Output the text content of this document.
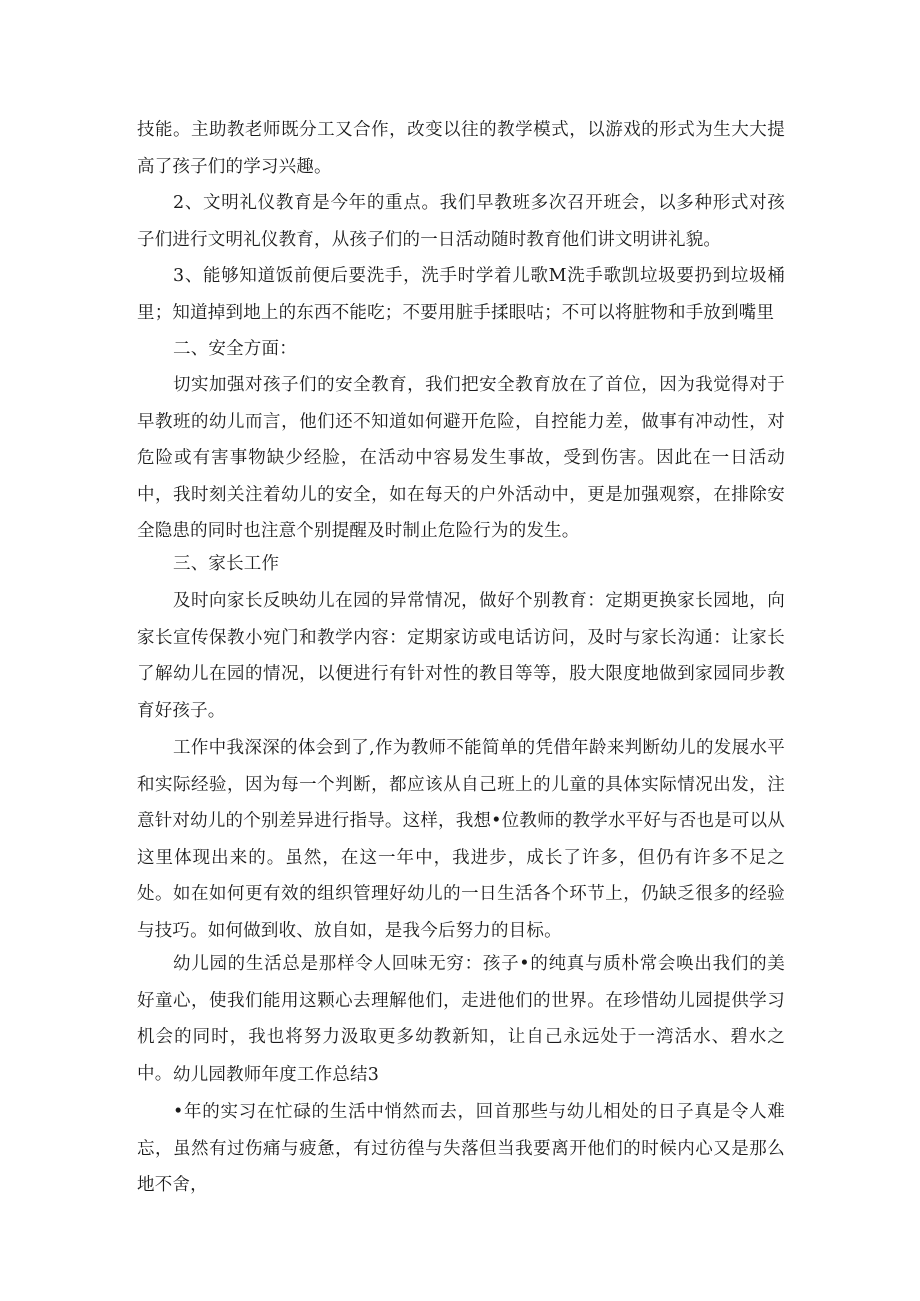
技能。主助教老师既分工又合作，改变以往的教学模式，以游戏的形式为生大大提高了孩子们的学习兴趣。

2、文明礼仪教育是今年的重点。我们早教班多次召开班会，以多种形式对孩子们进行文明礼仪教育，从孩子们的一日活动随时教育他们讲文明讲礼貌。

3、能够知道饭前便后要洗手，洗手时学着儿歌M洗手歌凯垃圾要扔到垃圾桶里；知道掉到地上的东西不能吃；不要用脏手揉眼咕；不可以将脏物和手放到嘴里

二、安全方面：

切实加强对孩子们的安全教育，我们把安全教育放在了首位，因为我觉得对于早教班的幼儿而言，他们还不知道如何避开危险，自控能力差，做事有冲动性，对危险或有害事物缺少经脸，在活动中容易发生事故，受到伤害。因此在一日活动中，我时刻关注着幼儿的安全，如在每天的户外活动中，更是加强观察，在排除安全隐患的同时也注意个别提醒及时制止危险行为的发生。

三、家长工作

及时向家长反映幼儿在园的异常情况，做好个别教育：定期更换家长园地，向家长宣传保教小宛门和教学内容：定期家访或电话访问，及时与家长沟通：让家长了解幼儿在园的情况，以便进行有针对性的教目等等，股大限度地做到家园同步教育好孩子。

工作中我深深的体会到了,作为教师不能简单的凭借年龄来判断幼儿的发展水平和实际经验，因为每一个判断，都应该从自己班上的儿童的具体实际情况出发，注意针对幼儿的个别差异进行指导。这样，我想•位教师的教学水平好与否也是可以从这里体现出来的。虽然，在这一年中，我进步，成长了许多，但仍有许多不足之处。如在如何更有效的组织管理好幼儿的一日生活各个环节上，仍缺乏很多的经验与技巧。如何做到收、放自如，是我今后努力的目标。

幼儿园的生活总是那样令人回味无穷：孩子•的纯真与质朴常会唤出我们的美好童心，使我们能用这颗心去理解他们，走进他们的世界。在珍惜幼儿园提供学习机会的同时，我也将努力汲取更多幼教新知，让自己永远处于一湾活水、碧水之中。 幼儿园教师年度工作总结3

•年的实习在忙碌的生活中悄然而去，回首那些与幼儿相处的日子真是令人难忘，虽然有过伤痛与疲惫，有过彷徨与失落但当我要离开他们的时候内心又是那么地不舍，
